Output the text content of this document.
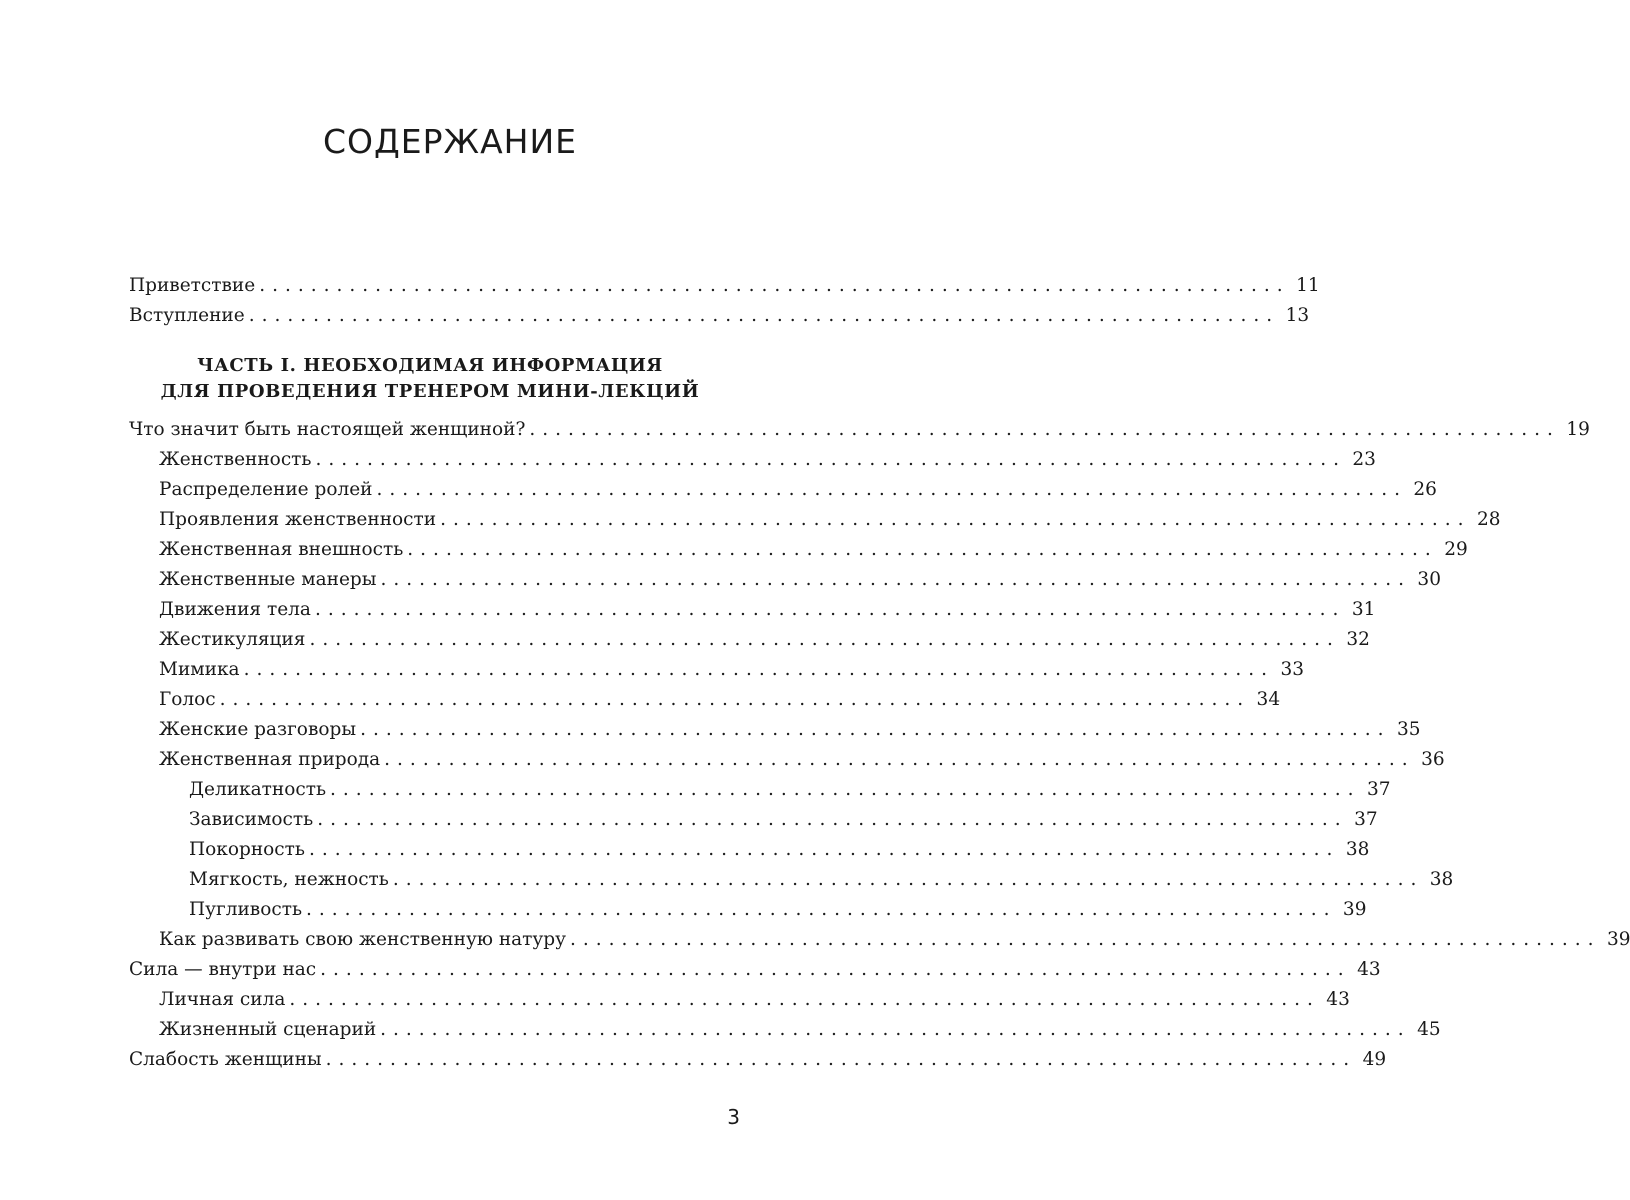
СОДЕРЖАНИЕ
Приветствие ................................................................................ 11
Вступление ................................................................................ 13
ЧАСТЬ I. НЕОБХОДИМАЯ ИНФОРМАЦИЯ
ДЛЯ ПРОВЕДЕНИЯ ТРЕНЕРОМ МИНИ-ЛЕКЦИЙ
Что значит быть настоящей женщиной? ................................................................................ 19
Женственность ................................................................................ 23
Распределение ролей ................................................................................ 26
Проявления женственности ................................................................................ 28
Женственная внешность ................................................................................ 29
Женственные манеры ................................................................................ 30
Движения тела ................................................................................ 31
Жестикуляция ................................................................................ 32
Мимика ................................................................................ 33
Голос ................................................................................ 34
Женские разговоры ................................................................................ 35
Женственная природа ................................................................................ 36
Деликатность ................................................................................ 37
Зависимость ................................................................................ 37
Покорность ................................................................................ 38
Мягкость, нежность ................................................................................ 38
Пугливость ................................................................................ 39
Как развивать свою женственную натуру ................................................................................ 39
Сила — внутри нас ................................................................................ 43
Личная сила ................................................................................ 43
Жизненный сценарий ................................................................................ 45
Слабость женщины ................................................................................ 49
3
